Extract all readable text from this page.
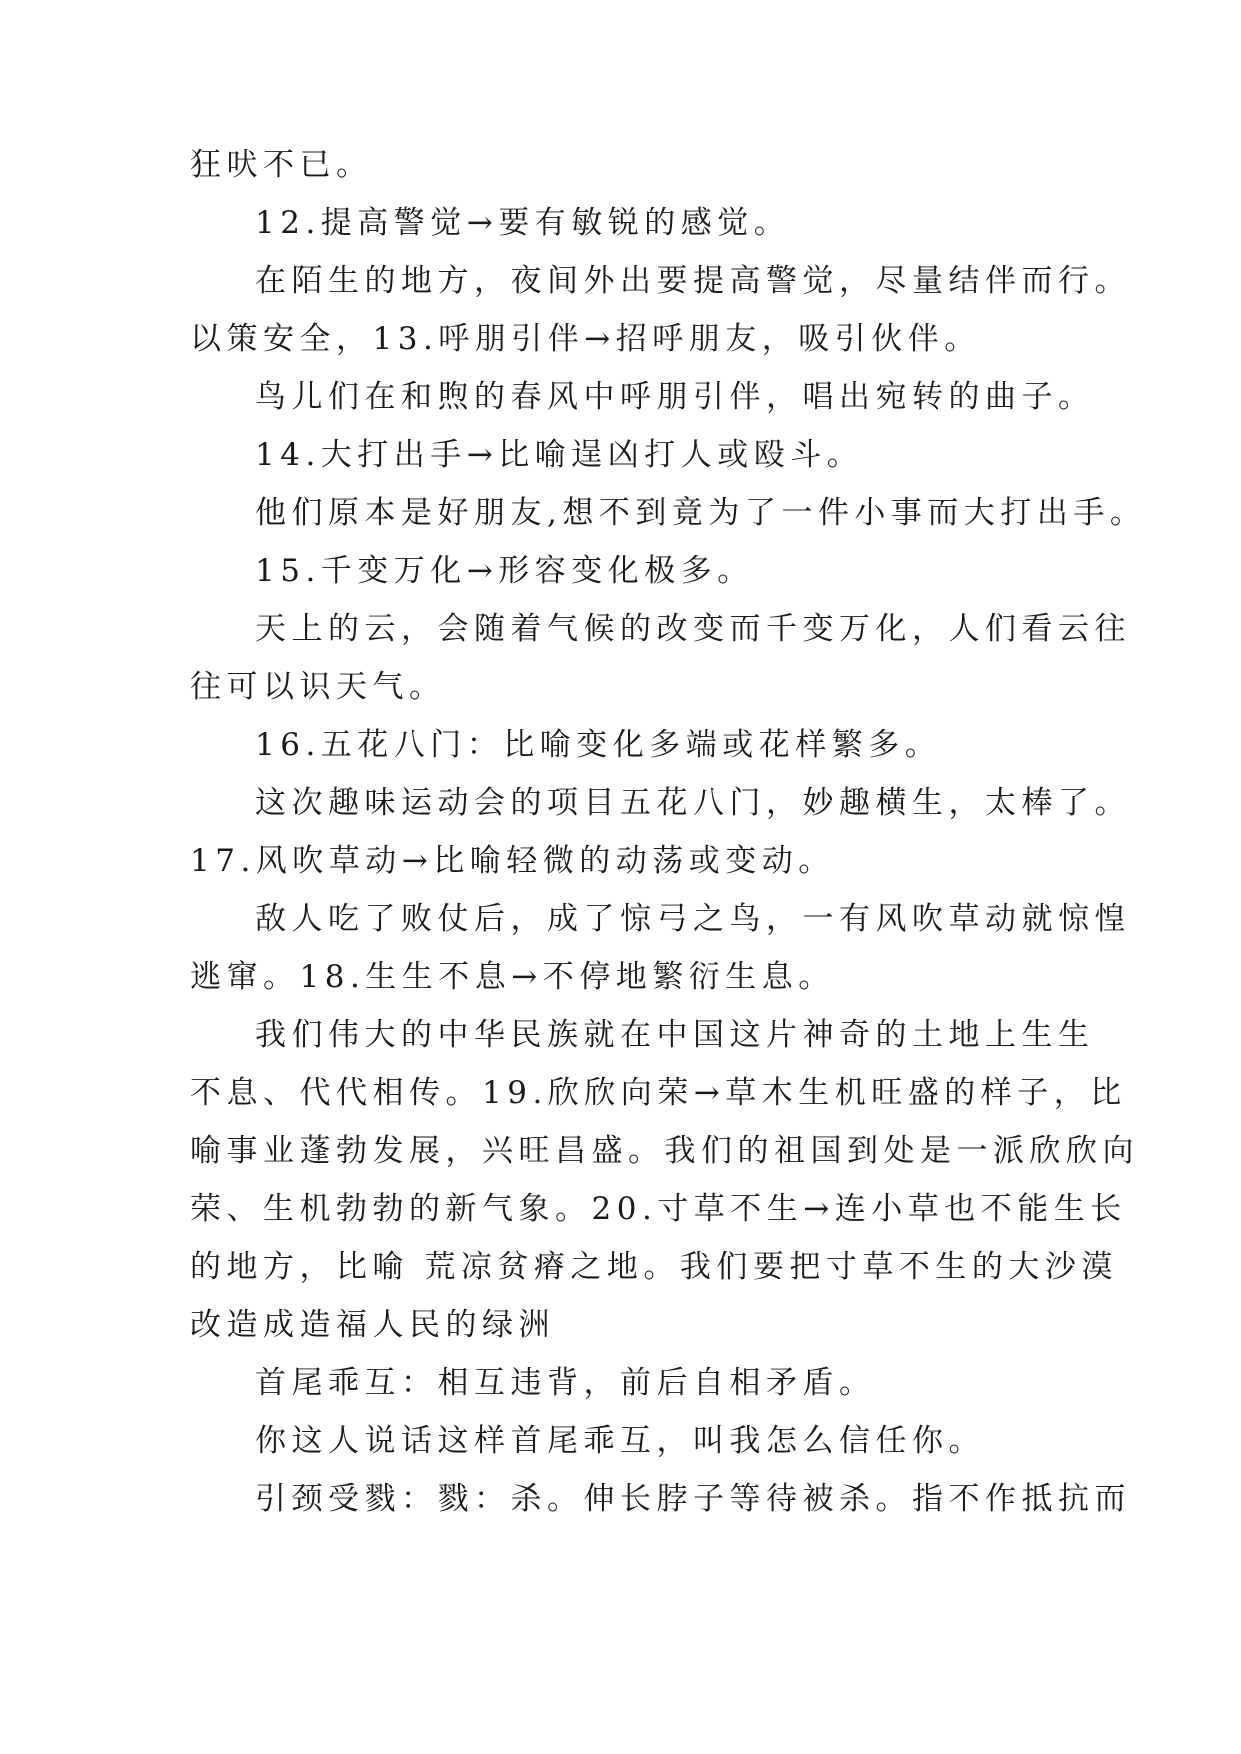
狂吠不已。
12.提高警觉→要有敏锐的感觉。
在陌生的地方，夜间外出要提高警觉，尽量结伴而行。
以策安全，13.呼朋引伴→招呼朋友，吸引伙伴。
鸟儿们在和煦的春风中呼朋引伴，唱出宛转的曲子。
14.大打出手→比喻逞凶打人或殴斗。
他们原本是好朋友,想不到竟为了一件小事而大打出手。
15.千变万化→形容变化极多。
天上的云，会随着气候的改变而千变万化，人们看云往
往可以识天气。
16.五花八门：比喻变化多端或花样繁多。
这次趣味运动会的项目五花八门，妙趣横生，太棒了。
17.风吹草动→比喻轻微的动荡或变动。
敌人吃了败仗后，成了惊弓之鸟，一有风吹草动就惊惶
逃窜。18.生生不息→不停地繁衍生息。
我们伟大的中华民族就在中国这片神奇的土地上生生
不息、代代相传。19.欣欣向荣→草木生机旺盛的样子，比
喻事业蓬勃发展，兴旺昌盛。我们的祖国到处是一派欣欣向
荣、生机勃勃的新气象。20.寸草不生→连小草也不能生长
的地方，比喻 荒凉贫瘠之地。我们要把寸草不生的大沙漠
改造成造福人民的绿洲
首尾乖互：相互违背，前后自相矛盾。
你这人说话这样首尾乖互，叫我怎么信任你。
引颈受戮：戮：杀。伸长脖子等待被杀。指不作抵抗而
